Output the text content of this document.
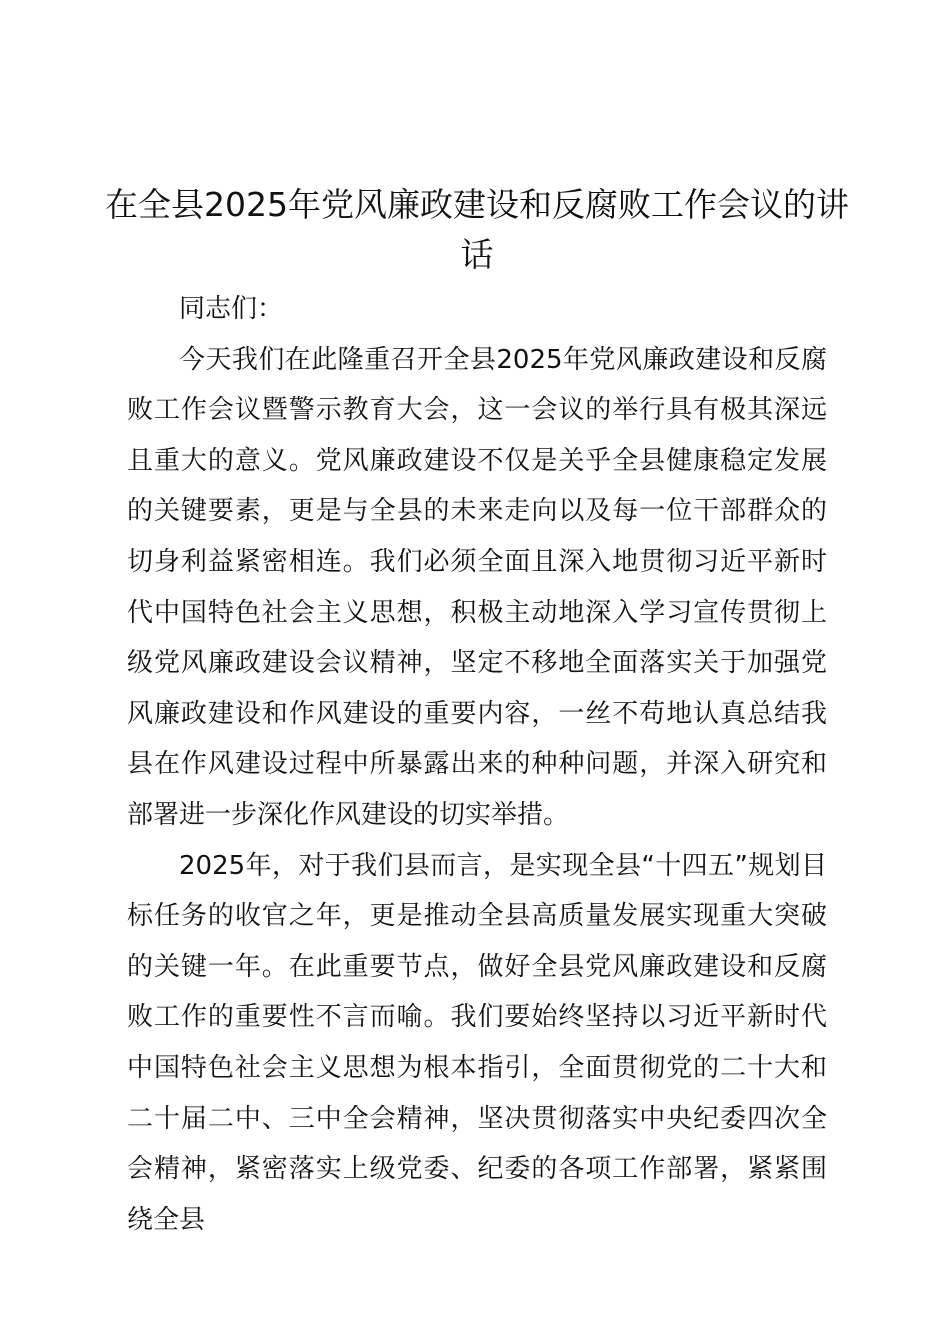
在全县2025年党风廉政建设和反腐败工作会议的讲话

同志们：

今天我们在此隆重召开全县2025年党风廉政建设和反腐败工作会议暨警示教育大会，这一会议的举行具有极其深远且重大的意义。党风廉政建设不仅是关乎全县健康稳定发展的关键要素，更是与全县的未来走向以及每一位干部群众的切身利益紧密相连。我们必须全面且深入地贯彻习近平新时代中国特色社会主义思想，积极主动地深入学习宣传贯彻上级党风廉政建设会议精神，坚定不移地全面落实关于加强党风廉政建设和作风建设的重要内容，一丝不苟地认真总结我县在作风建设过程中所暴露出来的种种问题，并深入研究和部署进一步深化作风建设的切实举措。

2025年，对于我们县而言，是实现全县“十四五”规划目标任务的收官之年，更是推动全县高质量发展实现重大突破的关键一年。在此重要节点，做好全县党风廉政建设和反腐败工作的重要性不言而喻。我们要始终坚持以习近平新时代中国特色社会主义思想为根本指引，全面贯彻党的二十大和二十届二中、三中全会精神，坚决贯彻落实中央纪委四次全会精神，紧密落实上级党委、纪委的各项工作部署，紧紧围绕全县
